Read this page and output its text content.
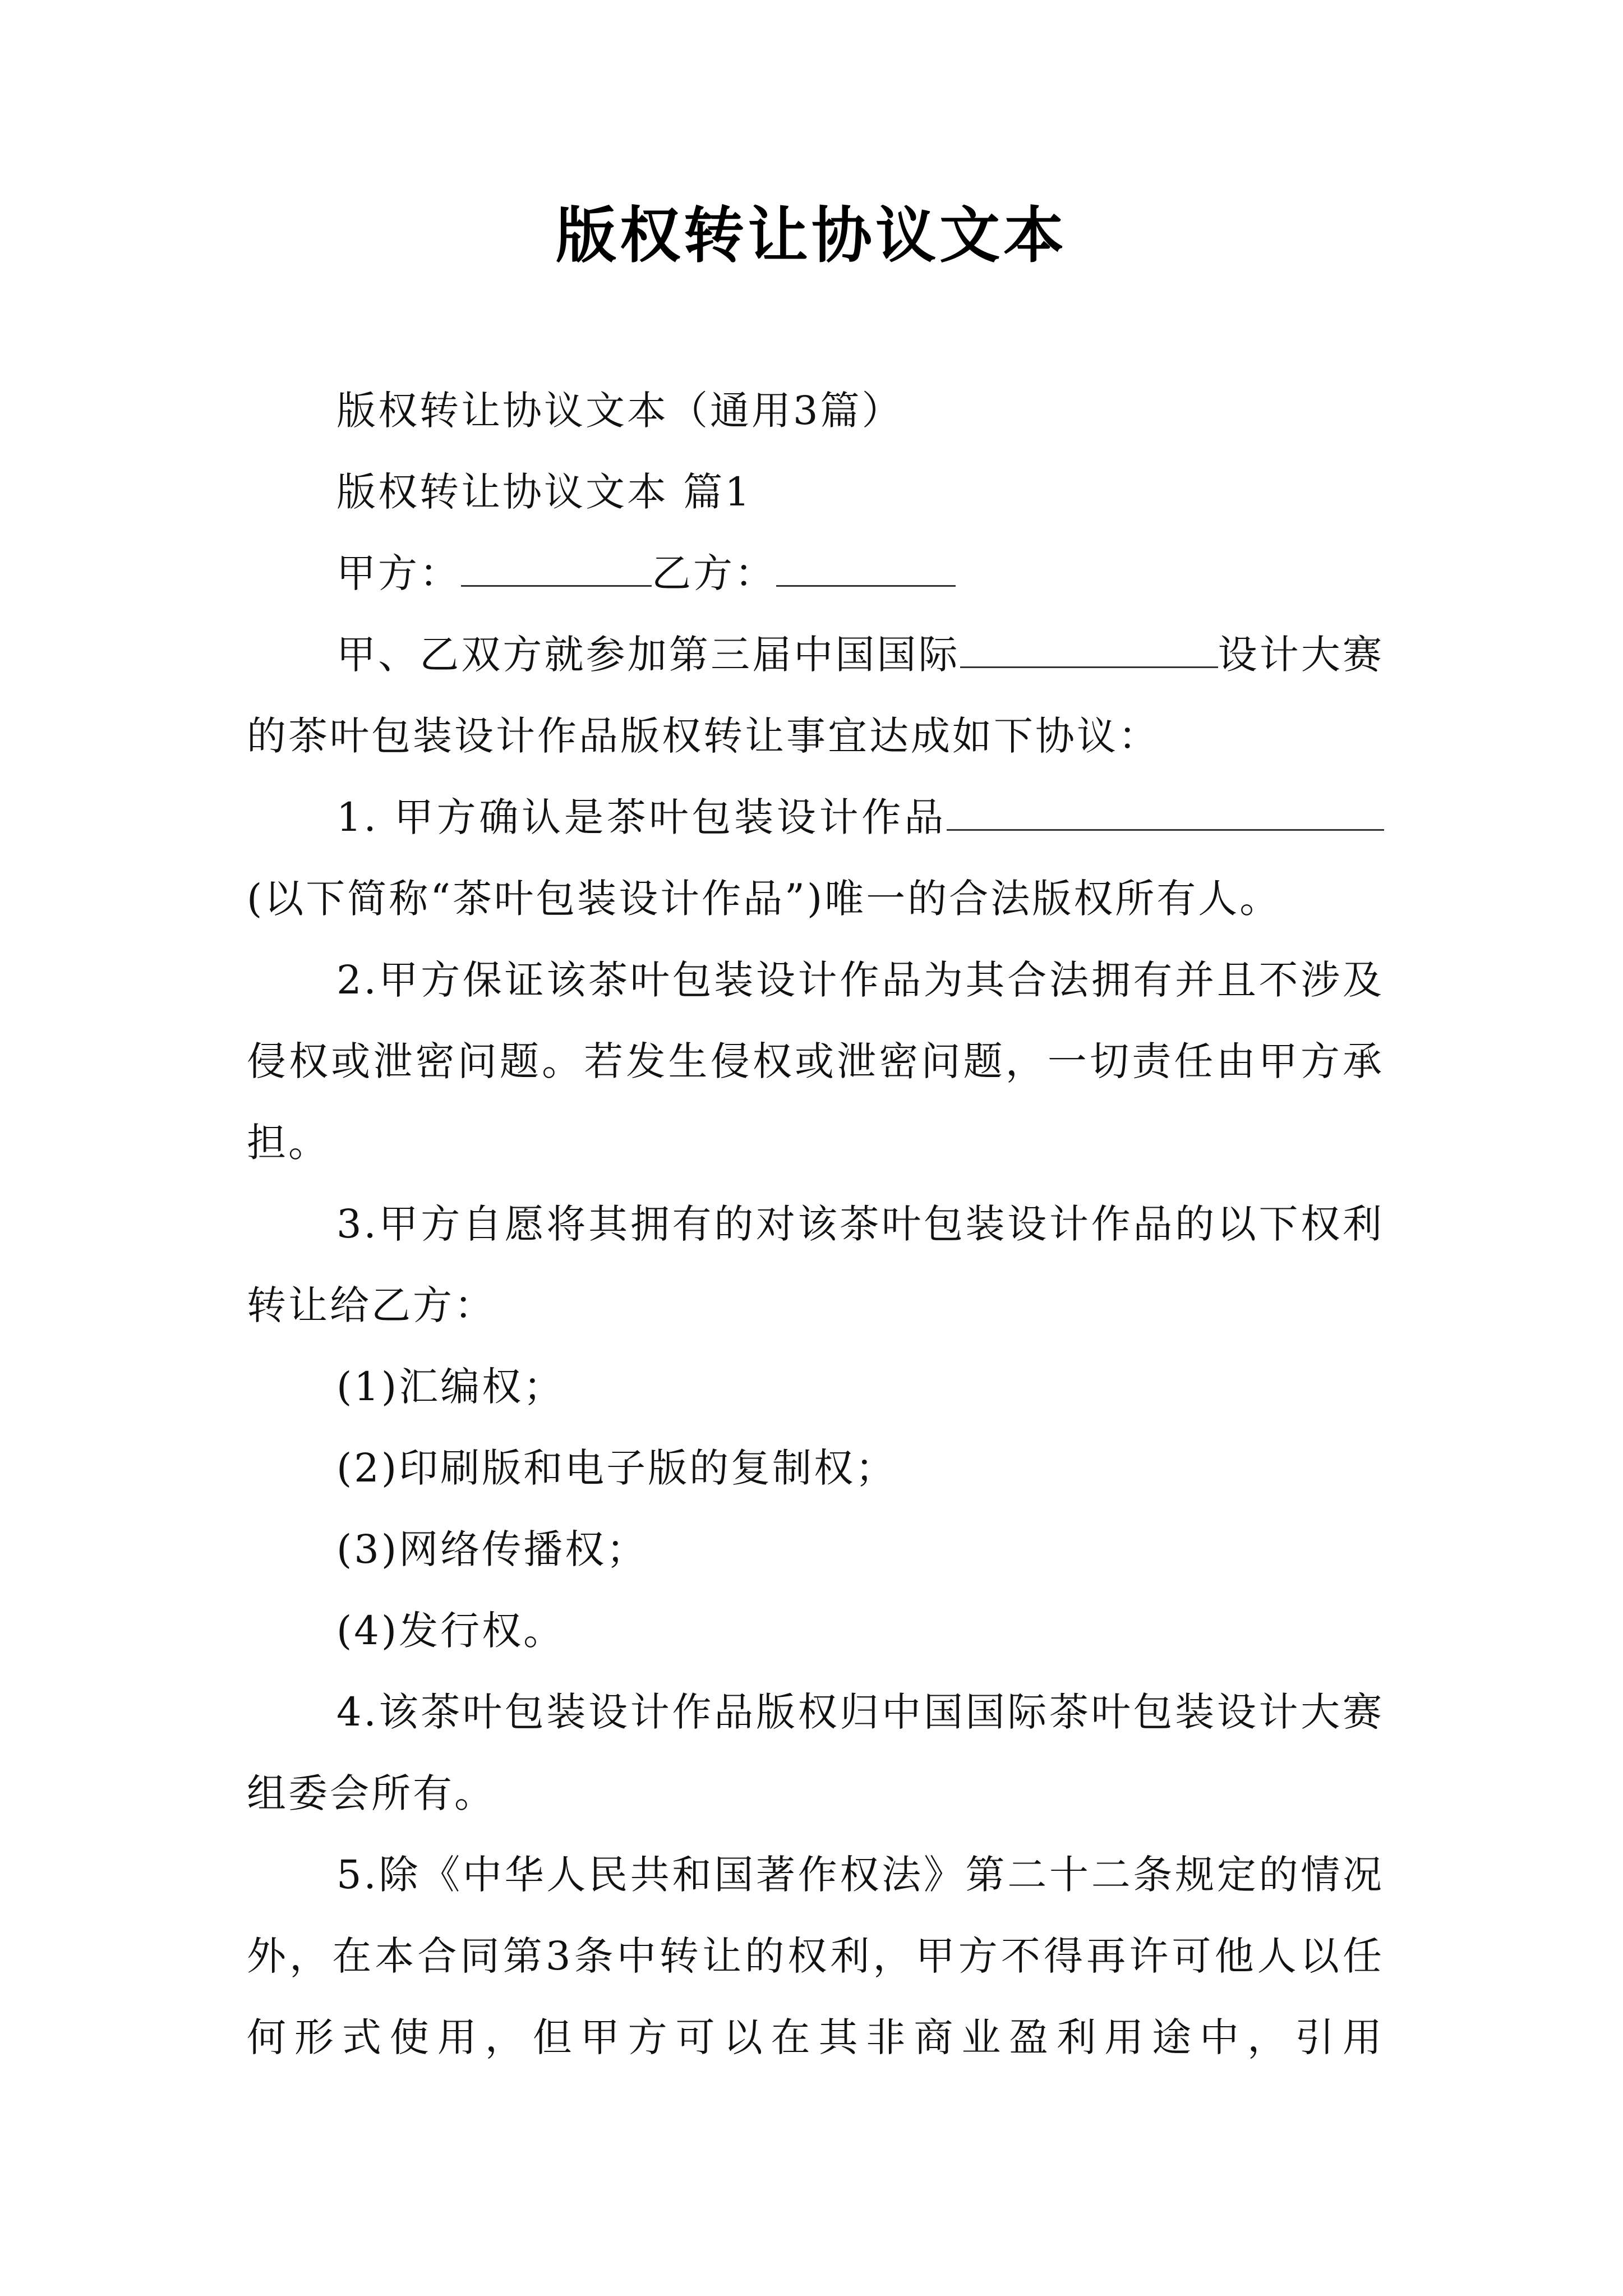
版权转让协议文本

版权转让协议文本（通用3篇）

版权转让协议文本 篇1

甲方：	乙方：

甲、乙双方就参加第三届中国国际	设计大赛的茶叶包装设计作品版权转让事宜达成如下协议：

1. 甲方确认是茶叶包装设计作品(以下简称“茶叶包装设计作品”)唯一的合法版权所有人。

2.甲方保证该茶叶包装设计作品为其合法拥有并且不涉及侵权或泄密问题。若发生侵权或泄密问题，一切责任由甲方承担。

3.甲方自愿将其拥有的对该茶叶包装设计作品的以下权利转让给乙方：

(1)汇编权；

(2)印刷版和电子版的复制权；

(3)网络传播权；

(4)发行权。

4.该茶叶包装设计作品版权归中国国际茶叶包装设计大赛组委会所有。

5.除《中华人民共和国著作权法》第二十二条规定的情况外，在本合同第3条中转让的权利，甲方不得再许可他人以任何形式使用，但甲方可以在其非商业盈利用途中，引用
